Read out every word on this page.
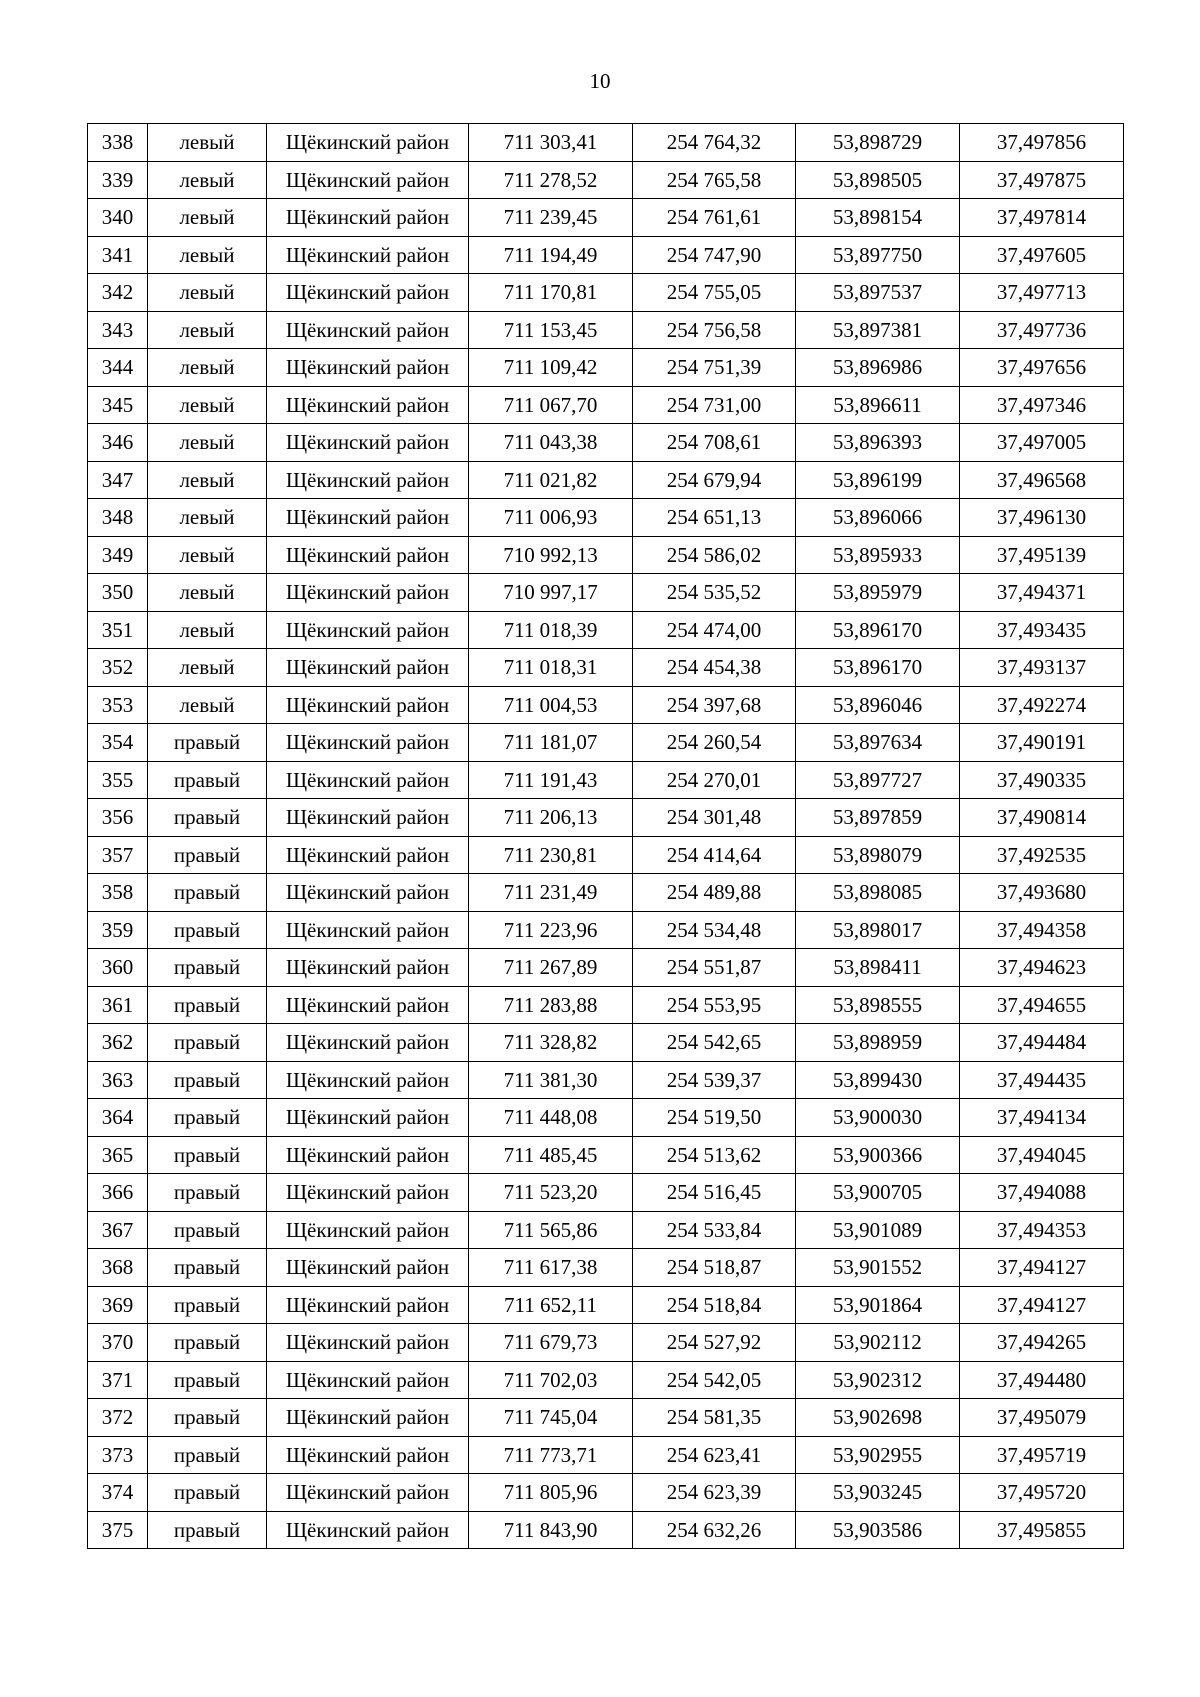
10
338	левый	Щёкинский район	711 303,41	254 764,32	53,898729	37,497856
339	левый	Щёкинский район	711 278,52	254 765,58	53,898505	37,497875
340	левый	Щёкинский район	711 239,45	254 761,61	53,898154	37,497814
341	левый	Щёкинский район	711 194,49	254 747,90	53,897750	37,497605
342	левый	Щёкинский район	711 170,81	254 755,05	53,897537	37,497713
343	левый	Щёкинский район	711 153,45	254 756,58	53,897381	37,497736
344	левый	Щёкинский район	711 109,42	254 751,39	53,896986	37,497656
345	левый	Щёкинский район	711 067,70	254 731,00	53,896611	37,497346
346	левый	Щёкинский район	711 043,38	254 708,61	53,896393	37,497005
347	левый	Щёкинский район	711 021,82	254 679,94	53,896199	37,496568
348	левый	Щёкинский район	711 006,93	254 651,13	53,896066	37,496130
349	левый	Щёкинский район	710 992,13	254 586,02	53,895933	37,495139
350	левый	Щёкинский район	710 997,17	254 535,52	53,895979	37,494371
351	левый	Щёкинский район	711 018,39	254 474,00	53,896170	37,493435
352	левый	Щёкинский район	711 018,31	254 454,38	53,896170	37,493137
353	левый	Щёкинский район	711 004,53	254 397,68	53,896046	37,492274
354	правый	Щёкинский район	711 181,07	254 260,54	53,897634	37,490191
355	правый	Щёкинский район	711 191,43	254 270,01	53,897727	37,490335
356	правый	Щёкинский район	711 206,13	254 301,48	53,897859	37,490814
357	правый	Щёкинский район	711 230,81	254 414,64	53,898079	37,492535
358	правый	Щёкинский район	711 231,49	254 489,88	53,898085	37,493680
359	правый	Щёкинский район	711 223,96	254 534,48	53,898017	37,494358
360	правый	Щёкинский район	711 267,89	254 551,87	53,898411	37,494623
361	правый	Щёкинский район	711 283,88	254 553,95	53,898555	37,494655
362	правый	Щёкинский район	711 328,82	254 542,65	53,898959	37,494484
363	правый	Щёкинский район	711 381,30	254 539,37	53,899430	37,494435
364	правый	Щёкинский район	711 448,08	254 519,50	53,900030	37,494134
365	правый	Щёкинский район	711 485,45	254 513,62	53,900366	37,494045
366	правый	Щёкинский район	711 523,20	254 516,45	53,900705	37,494088
367	правый	Щёкинский район	711 565,86	254 533,84	53,901089	37,494353
368	правый	Щёкинский район	711 617,38	254 518,87	53,901552	37,494127
369	правый	Щёкинский район	711 652,11	254 518,84	53,901864	37,494127
370	правый	Щёкинский район	711 679,73	254 527,92	53,902112	37,494265
371	правый	Щёкинский район	711 702,03	254 542,05	53,902312	37,494480
372	правый	Щёкинский район	711 745,04	254 581,35	53,902698	37,495079
373	правый	Щёкинский район	711 773,71	254 623,41	53,902955	37,495719
374	правый	Щёкинский район	711 805,96	254 623,39	53,903245	37,495720
375	правый	Щёкинский район	711 843,90	254 632,26	53,903586	37,495855
